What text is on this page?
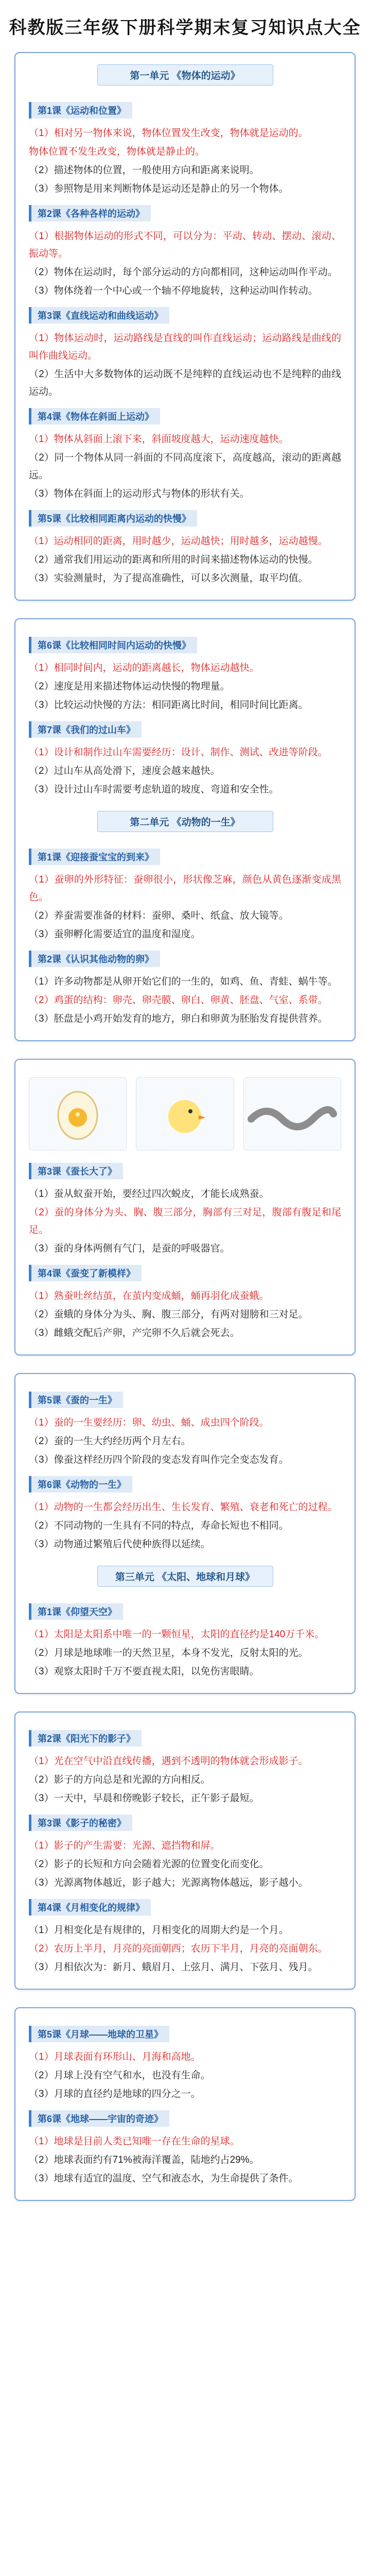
科教版三年级下册科学期末复习知识点大全
第一单元 《物体的运动》
第1课《运动和位置》
（1）相对另一物体来说，物体位置发生改变，物体就是运动的。
物体位置不发生改变，物体就是静止的。
（2）描述物体的位置，一般使用方向和距离来说明。
（3）参照物是用来判断物体是运动还是静止的另一个物体。
第2课《各种各样的运动》
（1）根据物体运动的形式不同，可以分为：平动、转动、摆动、滚动、振动等。
（2）物体在运动时，每个部分运动的方向都相同，这种运动叫作平动。
（3）物体绕着一个中心或一个轴不停地旋转，这种运动叫作转动。
第3课《直线运动和曲线运动》
（1）物体运动时，运动路线是直线的叫作直线运动；运动路线是曲线的叫作曲线运动。
（2）生活中大多数物体的运动既不是纯粹的直线运动也不是纯粹的曲线运动。
第4课《物体在斜面上运动》
（1）物体从斜面上滚下来，斜面坡度越大，运动速度越快。
（2）同一个物体从同一斜面的不同高度滚下，高度越高，滚动的距离越远。
（3）物体在斜面上的运动形式与物体的形状有关。
第5课《比较相同距离内运动的快慢》
（1）运动相同的距离，用时越少，运动越快；用时越多，运动越慢。
（2）通常我们用运动的距离和所用的时间来描述物体运动的快慢。
（3）实验测量时，为了提高准确性，可以多次测量，取平均值。
第6课《比较相同时间内运动的快慢》
（1）相同时间内，运动的距离越长，物体运动越快。
（2）速度是用来描述物体运动快慢的物理量。
（3）比较运动快慢的方法：相同距离比时间，相同时间比距离。
第7课《我们的过山车》
（1）设计和制作过山车需要经历：设计、制作、测试、改进等阶段。
（2）过山车从高处滑下，速度会越来越快。
（3）设计过山车时需要考虑轨道的坡度、弯道和安全性。
第二单元 《动物的一生》
第1课《迎接蚕宝宝的到来》
（1）蚕卵的外形特征：蚕卵很小，形状像芝麻，颜色从黄色逐渐变成黑色。
（2）养蚕需要准备的材料：蚕卵、桑叶、纸盒、放大镜等。
（3）蚕卵孵化需要适宜的温度和湿度。
第2课《认识其他动物的卵》
（1）许多动物都是从卵开始它们的一生的，如鸡、鱼、青蛙、蜗牛等。
（2）鸡蛋的结构：卵壳、卵壳膜、卵白、卵黄、胚盘、气室、系带。
（3）胚盘是小鸡开始发育的地方，卵白和卵黄为胚胎发育提供营养。
第3课《蚕长大了》
（1）蚕从蚁蚕开始，要经过四次蜕皮，才能长成熟蚕。
（2）蚕的身体分为头、胸、腹三部分，胸部有三对足，腹部有腹足和尾足。
（3）蚕的身体两侧有气门，是蚕的呼吸器官。
第4课《蚕变了新模样》
（1）熟蚕吐丝结茧，在茧内变成蛹，蛹再羽化成蚕蛾。
（2）蚕蛾的身体分为头、胸、腹三部分，有两对翅膀和三对足。
（3）雌蛾交配后产卵，产完卵不久后就会死去。
第5课《蚕的一生》
（1）蚕的一生要经历：卵、幼虫、蛹、成虫四个阶段。
（2）蚕的一生大约经历两个月左右。
（3）像蚕这样经历四个阶段的变态发育叫作完全变态发育。
第6课《动物的一生》
（1）动物的一生都会经历出生、生长发育、繁殖、衰老和死亡的过程。
（2）不同动物的一生具有不同的特点，寿命长短也不相同。
（3）动物通过繁殖后代使种族得以延续。
第三单元 《太阳、地球和月球》
第1课《仰望天空》
（1）太阳是太阳系中唯一的一颗恒星，太阳的直径约是140万千米。
（2）月球是地球唯一的天然卫星，本身不发光，反射太阳的光。
（3）观察太阳时千万不要直视太阳，以免伤害眼睛。
第2课《阳光下的影子》
（1）光在空气中沿直线传播，遇到不透明的物体就会形成影子。
（2）影子的方向总是和光源的方向相反。
（3）一天中，早晨和傍晚影子较长，正午影子最短。
第3课《影子的秘密》
（1）影子的产生需要：光源、遮挡物和屏。
（2）影子的长短和方向会随着光源的位置变化而变化。
（3）光源离物体越近，影子越大；光源离物体越远，影子越小。
第4课《月相变化的规律》
（1）月相变化是有规律的，月相变化的周期大约是一个月。
（2）农历上半月，月亮的亮面朝西；农历下半月，月亮的亮面朝东。
（3）月相依次为：新月、蛾眉月、上弦月、满月、下弦月、残月。
第5课《月球——地球的卫星》
（1）月球表面有环形山、月海和高地。
（2）月球上没有空气和水，也没有生命。
（3）月球的直径约是地球的四分之一。
第6课《地球——宇宙的奇迹》
（1）地球是目前人类已知唯一存在生命的星球。
（2）地球表面约有71%被海洋覆盖，陆地约占29%。
（3）地球有适宜的温度、空气和液态水，为生命提供了条件。
